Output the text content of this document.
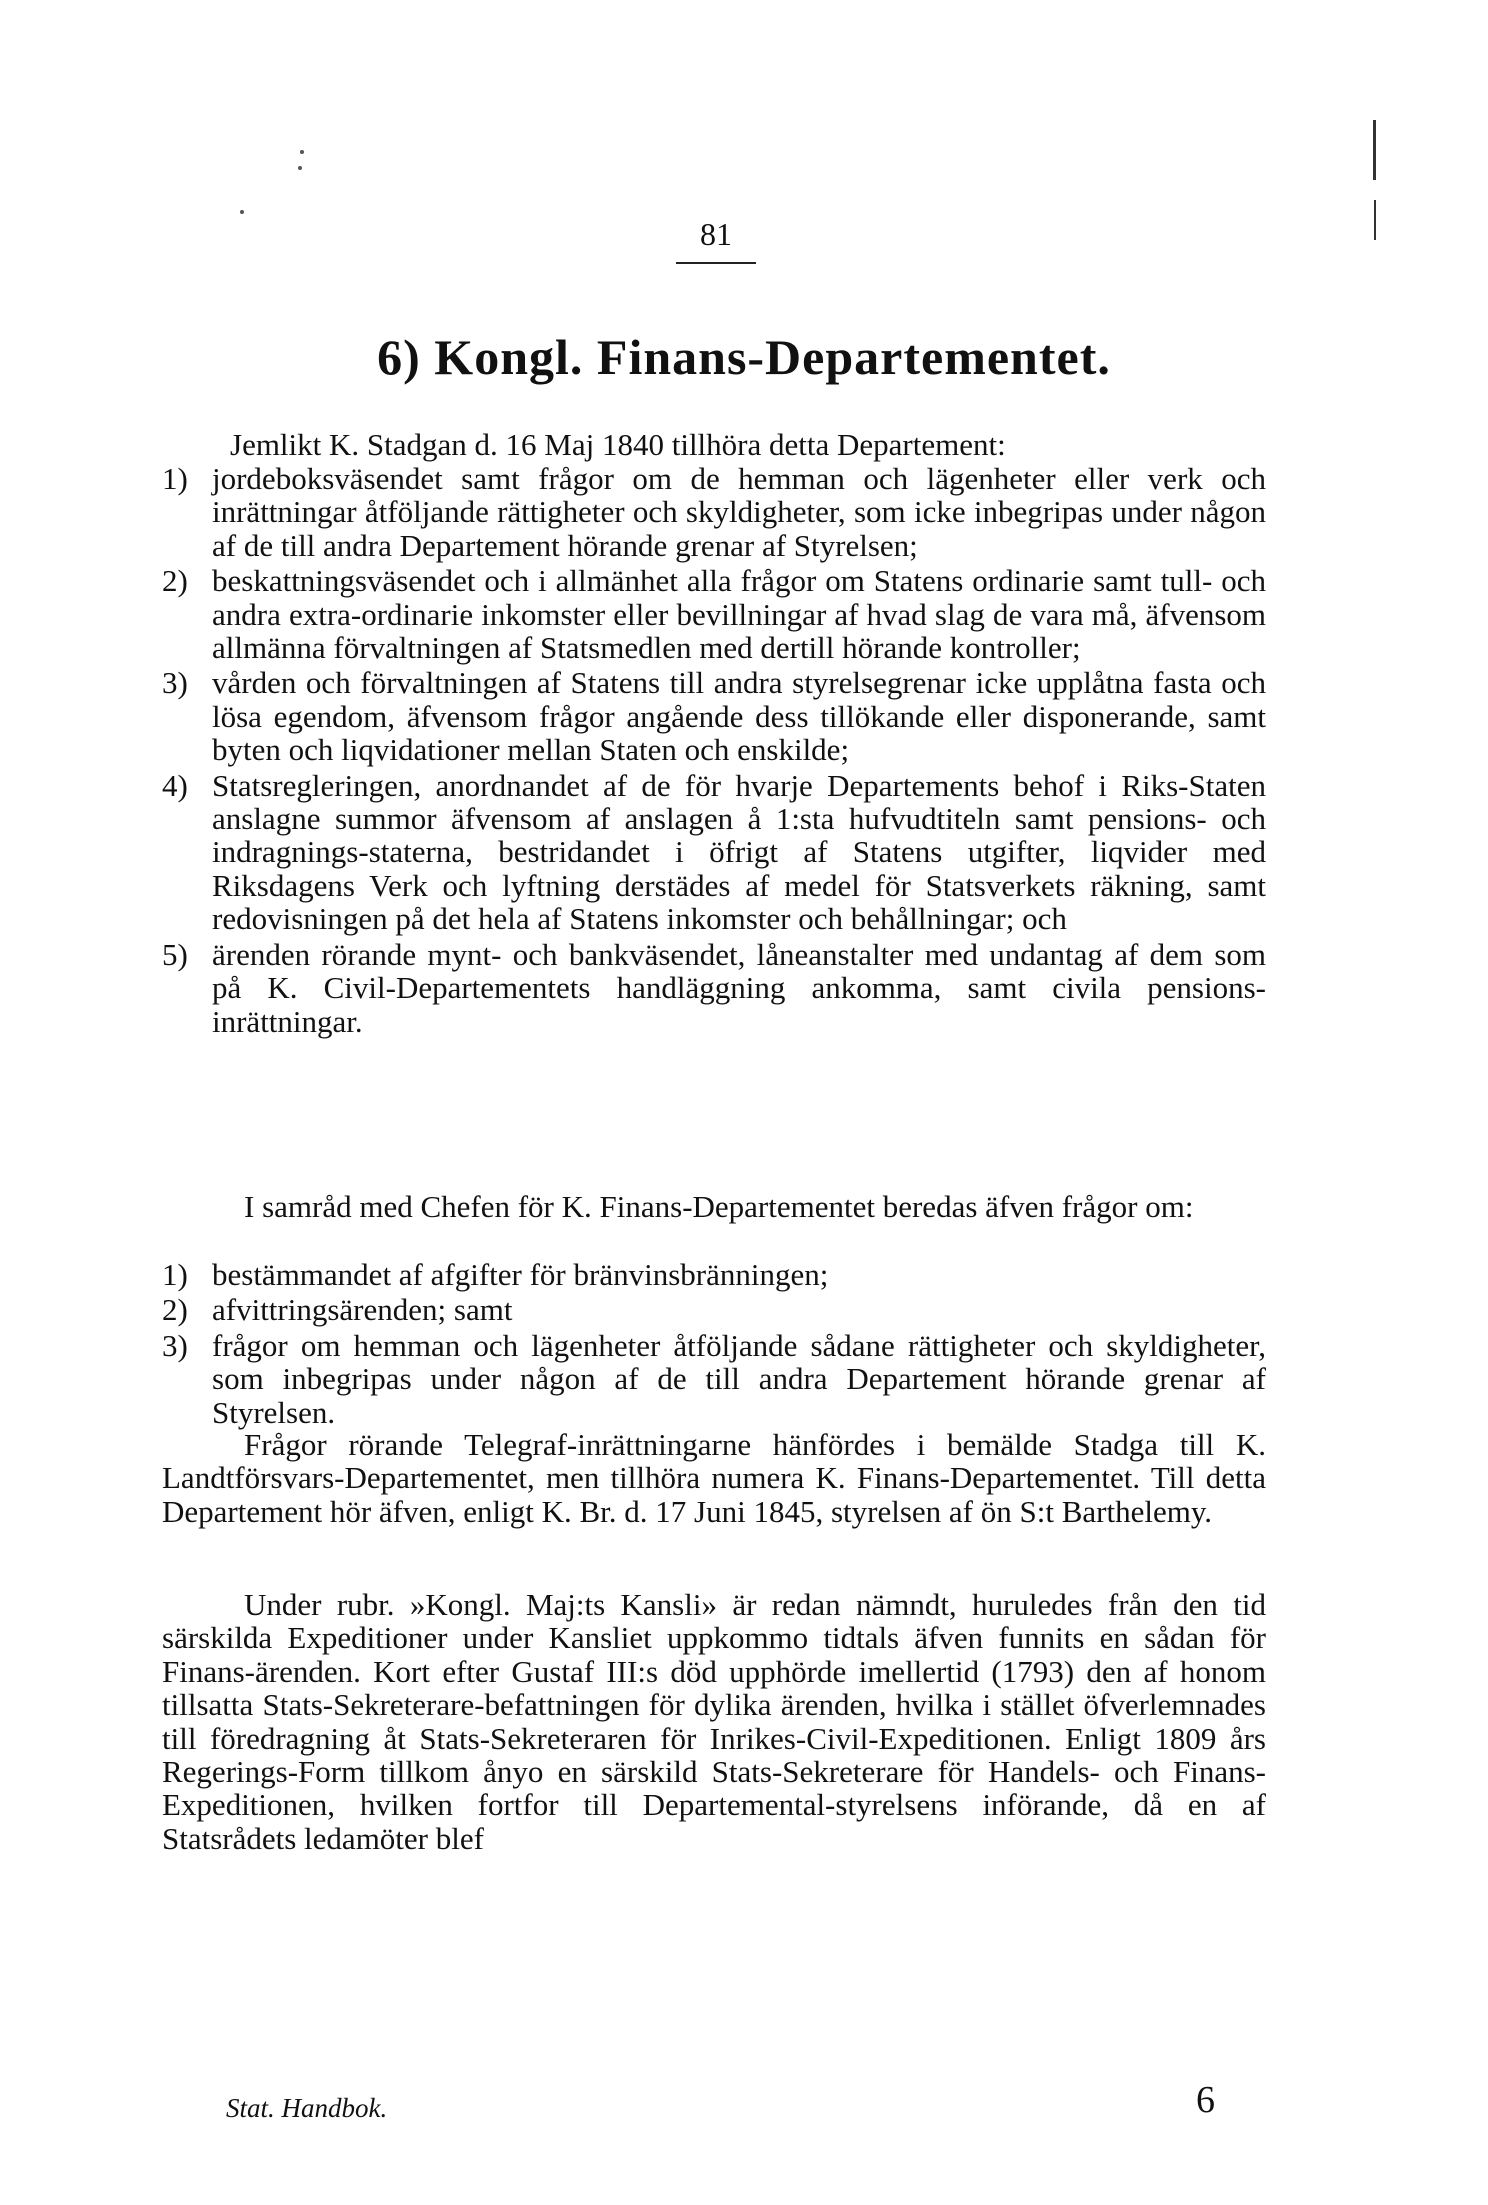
81
6) Kongl. Finans-Departementet.
Jemlikt K. Stadgan d. 16 Maj 1840 tillhöra detta Departement:
1) jordeboksväsendet samt frågor om de hemman och lägenheter eller verk och inrättningar åtföljande rättigheter och skyldigheter, som icke inbegripas under någon af de till andra Departement hörande grenar af Styrelsen;
2) beskattningsväsendet och i allmänhet alla frågor om Statens ordinarie samt tull- och andra extra-ordinarie inkomster eller bevillningar af hvad slag de vara må, äfvensom allmänna förvaltningen af Statsmedlen med dertill hörande kontroller;
3) vården och förvaltningen af Statens till andra styrelsegrenar icke upplåtna fasta och lösa egendom, äfvensom frågor angående dess tillökande eller disponerande, samt byten och liqvidationer mellan Staten och enskilde;
4) Statsregleringen, anordnandet af de för hvarje Departements behof i Riks-Staten anslagne summor äfvensom af anslagen å 1:sta hufvudtiteln samt pensions- och indragnings-staterna, bestridandet i öfrigt af Statens utgifter, liqvider med Riksdagens Verk och lyftning derstädes af medel för Statsverkets räkning, samt redovisningen på det hela af Statens inkomster och behållningar; och
5) ärenden rörande mynt- och bankväsendet, låneanstalter med undantag af dem som på K. Civil-Departementets handläggning ankomma, samt civila pensions-inrättningar.
I samråd med Chefen för K. Finans-Departementet beredas äfven frågor om:
1) bestämmandet af afgifter för bränvinsbränningen;
2) afvittringsärenden; samt
3) frågor om hemman och lägenheter åtföljande sådane rättigheter och skyldigheter, som inbegripas under någon af de till andra Departement hörande grenar af Styrelsen.
Frågor rörande Telegraf-inrättningarne hänfördes i bemälde Stadga till K. Landtförsvars-Departementet, men tillhöra numera K. Finans-Departementet. Till detta Departement hör äfven, enligt K. Br. d. 17 Juni 1845, styrelsen af ön S:t Barthelemy.
Under rubr. »Kongl. Maj:ts Kansli» är redan nämndt, huruledes från den tid särskilda Expeditioner under Kansliet uppkommo tidtals äfven funnits en sådan för Finans-ärenden. Kort efter Gustaf III:s död upphörde imellertid (1793) den af honom tillsatta Stats-Sekreterare-befattningen för dylika ärenden, hvilka i stället öfverlemnades till föredragning åt Stats-Sekreteraren för Inrikes-Civil-Expeditionen. Enligt 1809 års Regerings-Form tillkom ånyo en särskild Stats-Sekreterare för Handels- och Finans-Expeditionen, hvilken fortfor till Departemental-styrelsens införande, då en af Statsrådets ledamöter blef
Stat. Handbok.	6
